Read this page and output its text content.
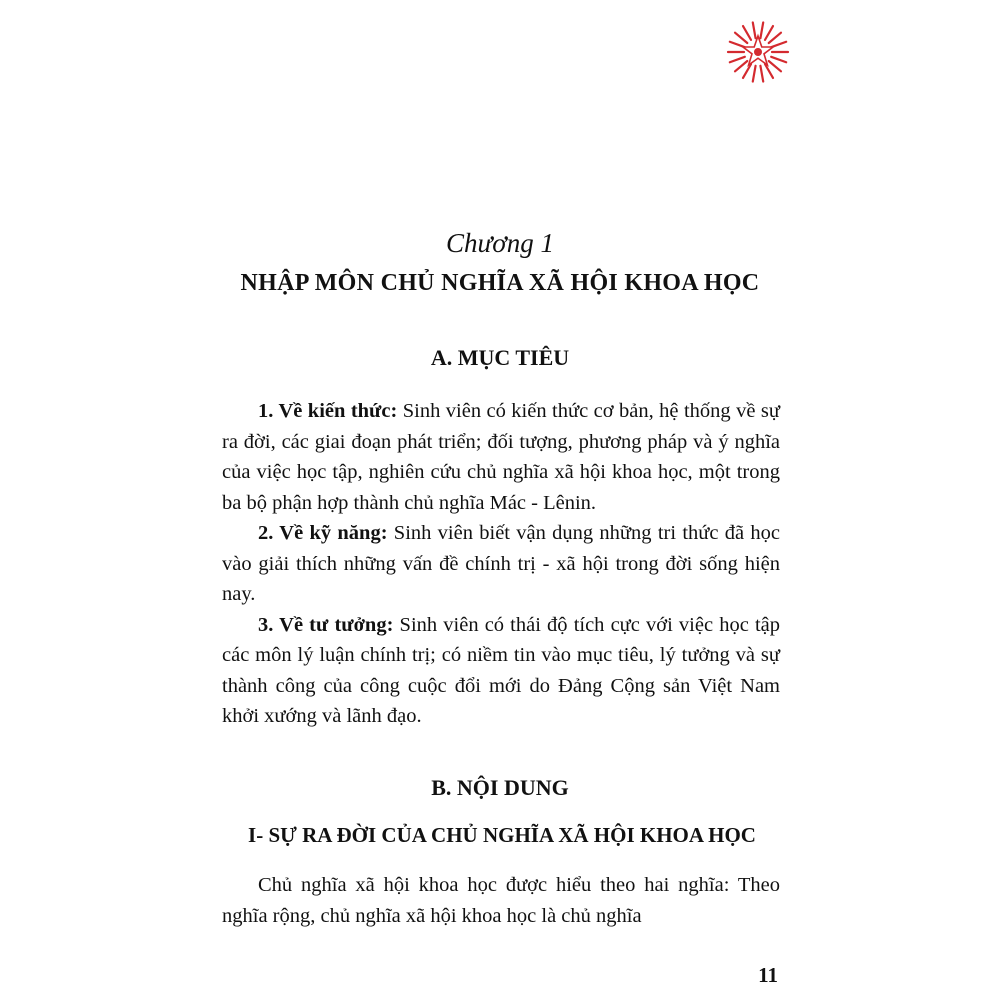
Chương 1
NHẬP MÔN CHỦ NGHĨA XÃ HỘI KHOA HỌC
A. MỤC TIÊU

1. Về kiến thức: Sinh viên có kiến thức cơ bản, hệ thống về sự ra đời, các giai đoạn phát triển; đối tượng, phương pháp và ý nghĩa của việc học tập, nghiên cứu chủ nghĩa xã hội khoa học, một trong ba bộ phận hợp thành chủ nghĩa Mác - Lênin.

2. Về kỹ năng: Sinh viên biết vận dụng những tri thức đã học vào giải thích những vấn đề chính trị - xã hội trong đời sống hiện nay.

3. Về tư tưởng: Sinh viên có thái độ tích cực với việc học tập các môn lý luận chính trị; có niềm tin vào mục tiêu, lý tưởng và sự thành công của công cuộc đổi mới do Đảng Cộng sản Việt Nam khởi xướng và lãnh đạo.

B. NỘI DUNG
I- SỰ RA ĐỜI CỦA CHỦ NGHĨA XÃ HỘI KHOA HỌC

Chủ nghĩa xã hội khoa học được hiểu theo hai nghĩa: Theo nghĩa rộng, chủ nghĩa xã hội khoa học là chủ nghĩa

11
